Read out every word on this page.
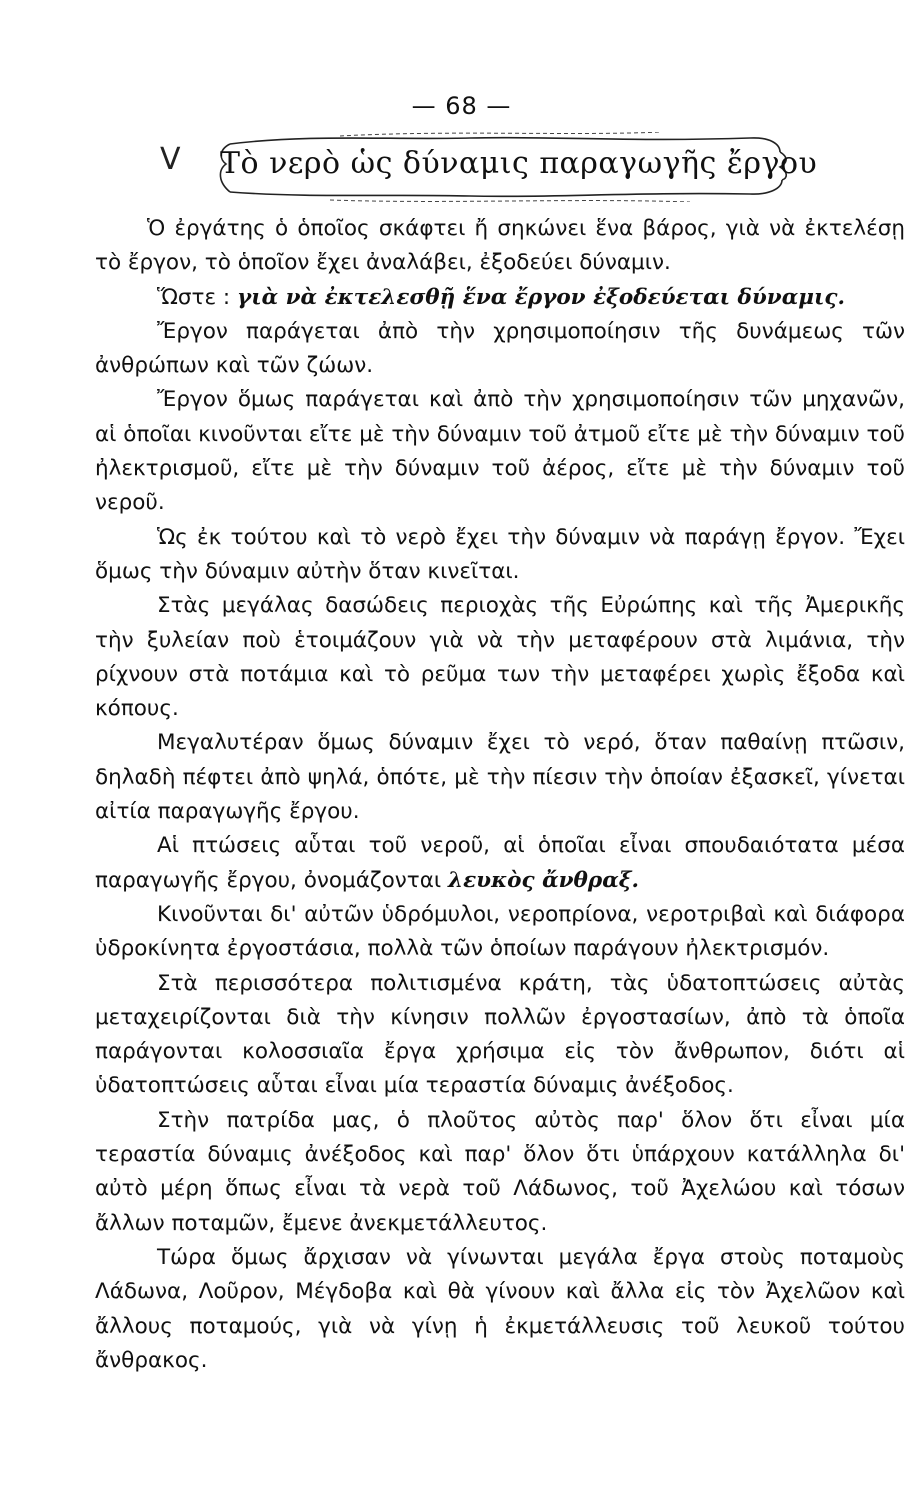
— 68 —
V Τὸ νερὸ ὡς δύναμις παραγωγῆς ἔργου

Ὁ ἐργάτης ὁ ὁποῖος σκάφτει ἤ σηκώνει ἕνα βάρος, γιὰ νὰ ἐκτελέσῃ τὸ ἔργον, τὸ ὁποῖον ἔχει ἀναλάβει, ἐξοδεύει δύναμιν.

Ὥστε : γιὰ νὰ ἐκτελεσθῇ ἕνα ἔργον ἐξοδεύεται δύναμις.

Ἔργον παράγεται ἀπὸ τὴν χρησιμοποίησιν τῆς δυνάμεως τῶν ἀνθρώπων καὶ τῶν ζώων.

Ἔργον ὅμως παράγεται καὶ ἀπὸ τὴν χρησιμοποίησιν τῶν μηχανῶν, αἱ ὁποῖαι κινοῦνται εἴτε μὲ τὴν δύναμιν τοῦ ἀτμοῦ εἴτε μὲ τὴν δύναμιν τοῦ ἠλεκτρισμοῦ, εἴτε μὲ τὴν δύναμιν τοῦ ἀέρος, εἴτε μὲ τὴν δύναμιν τοῦ νεροῦ.

Ὡς ἐκ τούτου καὶ τὸ νερὸ ἔχει τὴν δύναμιν νὰ παράγῃ ἔργον. Ἔχει ὅμως τὴν δύναμιν αὐτὴν ὅταν κινεῖται.

Στὰς μεγάλας δασώδεις περιοχὰς τῆς Εὐρώπης καὶ τῆς Ἀμερικῆς τὴν ξυλείαν ποὺ ἑτοιμάζουν γιὰ νὰ τὴν μεταφέρουν στὰ λιμάνια, τὴν ρίχνουν στὰ ποτάμια καὶ τὸ ρεῦμα των τὴν μεταφέρει χωρὶς ἔξοδα καὶ κόπους.

Μεγαλυτέραν ὅμως δύναμιν ἔχει τὸ νερό, ὅταν παθαίνῃ πτῶσιν, δηλαδὴ πέφτει ἀπὸ ψηλά, ὁπότε, μὲ τὴν πίεσιν τὴν ὁποίαν ἐξασκεῖ, γίνεται αἰτία παραγωγῆς ἔργου.

Αἱ πτώσεις αὗται τοῦ νεροῦ, αἱ ὁποῖαι εἶναι σπουδαιότατα μέσα παραγωγῆς ἔργου, ὀνομάζονται λευκὸς ἄνθραξ.

Κινοῦνται δι' αὐτῶν ὑδρόμυλοι, νεροπρίονα, νεροτριβαὶ καὶ διάφορα ὑδροκίνητα ἐργοστάσια, πολλὰ τῶν ὁποίων παράγουν ἠλεκτρισμόν.

Στὰ περισσότερα πολιτισμένα κράτη, τὰς ὑδατοπτώσεις αὐτὰς μεταχειρίζονται διὰ τὴν κίνησιν πολλῶν ἐργοστασίων, ἀπὸ τὰ ὁποῖα παράγονται κολοσσιαῖα ἔργα χρήσιμα εἰς τὸν ἄνθρωπον, διότι αἱ ὑδατοπτώσεις αὗται εἶναι μία τεραστία δύναμις ἀνέξοδος.

Στὴν πατρίδα μας, ὁ πλοῦτος αὐτὸς παρ' ὅλον ὅτι εἶναι μία τεραστία δύναμις ἀνέξοδος καὶ παρ' ὅλον ὅτι ὑπάρχουν κατάλληλα δι' αὐτὸ μέρη ὅπως εἶναι τὰ νερὰ τοῦ Λάδωνος, τοῦ Ἀχελώου καὶ τόσων ἄλλων ποταμῶν, ἔμενε ἀνεκμετάλλευτος.

Τώρα ὅμως ἄρχισαν νὰ γίνωνται μεγάλα ἔργα στοὺς ποταμοὺς Λάδωνα, Λοῦρον, Μέγδοβα καὶ θὰ γίνουν καὶ ἄλλα εἰς τὸν Ἀχελῶον καὶ ἄλλους ποταμούς, γιὰ νὰ γίνῃ ἡ ἐκμετάλλευσις τοῦ λευκοῦ τούτου ἄνθρακος.
